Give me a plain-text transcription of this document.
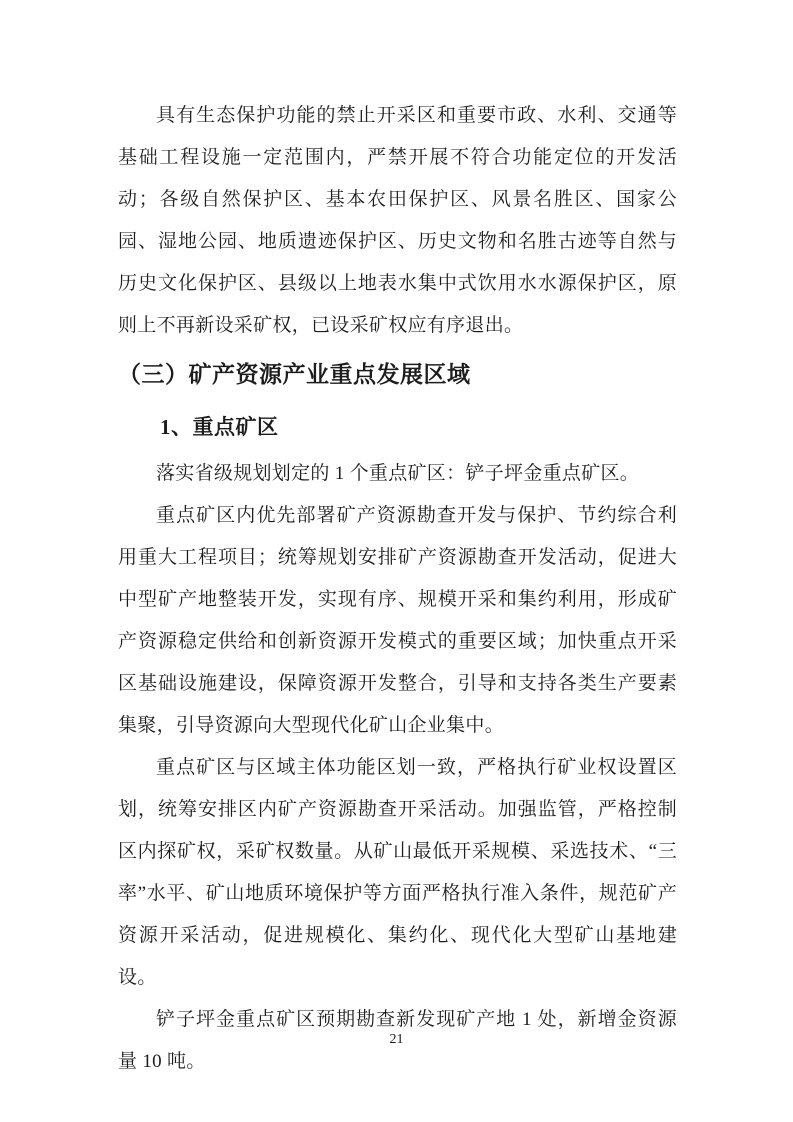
具有生态保护功能的禁止开采区和重要市政、水利、交通等基础工程设施一定范围内，严禁开展不符合功能定位的开发活动；各级自然保护区、基本农田保护区、风景名胜区、国家公园、湿地公园、地质遗迹保护区、历史文物和名胜古迹等自然与历史文化保护区、县级以上地表水集中式饮用水水源保护区，原则上不再新设采矿权，已设采矿权应有序退出。

（三）矿产资源产业重点发展区域
1、重点矿区

落实省级规划划定的 1 个重点矿区：铲子坪金重点矿区。

重点矿区内优先部署矿产资源勘查开发与保护、节约综合利用重大工程项目；统筹规划安排矿产资源勘查开发活动，促进大中型矿产地整装开发，实现有序、规模开采和集约利用，形成矿产资源稳定供给和创新资源开发模式的重要区域；加快重点开采区基础设施建设，保障资源开发整合，引导和支持各类生产要素集聚，引导资源向大型现代化矿山企业集中。

重点矿区与区域主体功能区划一致，严格执行矿业权设置区划，统筹安排区内矿产资源勘查开采活动。加强监管，严格控制区内探矿权，采矿权数量。从矿山最低开采规模、采选技术、“三率”水平、矿山地质环境保护等方面严格执行准入条件，规范矿产资源开采活动，促进规模化、集约化、现代化大型矿山基地建设。

铲子坪金重点矿区预期勘查新发现矿产地 1 处，新增金资源量 10 吨。

21
